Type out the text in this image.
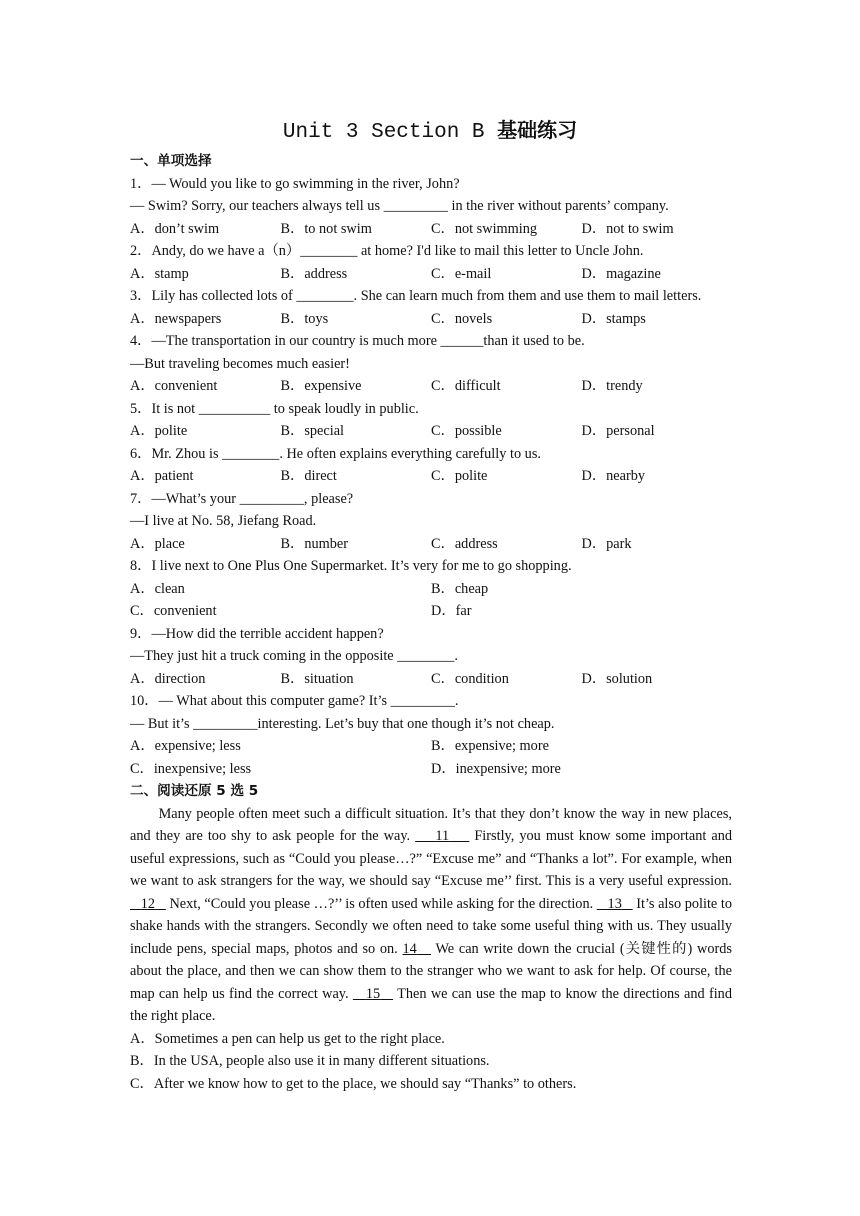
Unit 3 Section B 基础练习
一、单项选择
1．— Would you like to go swimming in the river, John?
— Swim? Sorry, our teachers always tell us _________ in the river without parents’ company.
A．don’t swim	B．to not swim	C．not swimming	D．not to swim
2．Andy, do we have a（n）________ at home? I'd like to mail this letter to Uncle John.
A．stamp	B．address	C．e-mail	D．magazine
3．Lily has collected lots of ________. She can learn much from them and use them to mail letters.
A．newspapers	B．toys	C．novels	D．stamps
4．—The transportation in our country is much more ______than it used to be.
—But traveling becomes much easier!
A．convenient	B．expensive	C．difficult	D．trendy
5．It is not __________ to speak loudly in public.
A．polite	B．special	C．possible	D．personal
6．Mr. Zhou is ________. He often explains everything carefully to us.
A．patient	B．direct	C．polite	D．nearby
7．—What’s your _________, please?
—I live at No. 58, Jiefang Road.
A．place	B．number	C．address	D．park
8．I live next to One Plus One Supermarket. It’s very for me to go shopping.
A．clean	B．cheap
C．convenient	D．far
9．—How did the terrible accident happen?
—They just hit a truck coming in the opposite ________.
A．direction	B．situation	C．condition	D．solution
10．— What about this computer game? It’s _________.
— But it’s _________interesting. Let’s buy that one though it’s not cheap.
A．expensive; less	B．expensive; more
C．inexpensive; less	D．inexpensive; more
二、阅读还原 5 选 5

Many people often meet such a difficult situation. It’s that they don’t know the way in new places, and they are too shy to ask people for the way. 11 Firstly, you must know some important and useful expressions, such as “Could you please…?” “Excuse me” and “Thanks a lot”. For example, when we want to ask strangers for the way, we should say “Excuse me’’ first. This is a very useful expression.    12 Next, “Could you please …?’’ is often used while asking for the direction. 13 It’s also polite to shake hands with the strangers. Secondly we often need to take some useful thing with us. They usually include pens, special maps, photos and so on. 14 We can write down the crucial (关键性的) words about the place, and then we can show them to the stranger who we want to ask for help. Of course, the map can help us find the correct way. 15 Then we can use the map to know the directions and find the right place.

A．Sometimes a pen can help us get to the right place.
B．In the USA, people also use it in many different situations.
C．After we know how to get to the place, we should say “Thanks” to others.
